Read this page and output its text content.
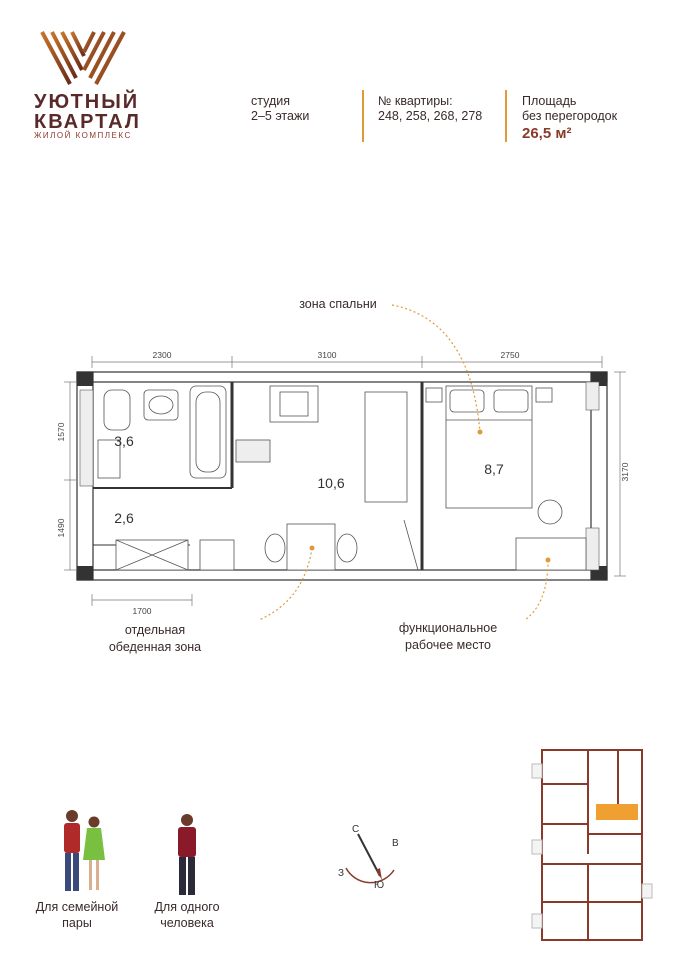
УЮТНЫЙ
КВАРТАЛ
ЖИЛОЙ КОМПЛЕКС
студия
2–5 этажи
№ квартиры:
248, 258, 268, 278
Площадь
без перегородок
26,5 м²
2300	3100	2750
1570
1490
3170
1700
3,6
2,6
10,6
8,7
зона спальни
отдельная
обеденная зона
функциональное
рабочее место
Для семейной
пары
Для одного
человека
С
В
Ю
З
